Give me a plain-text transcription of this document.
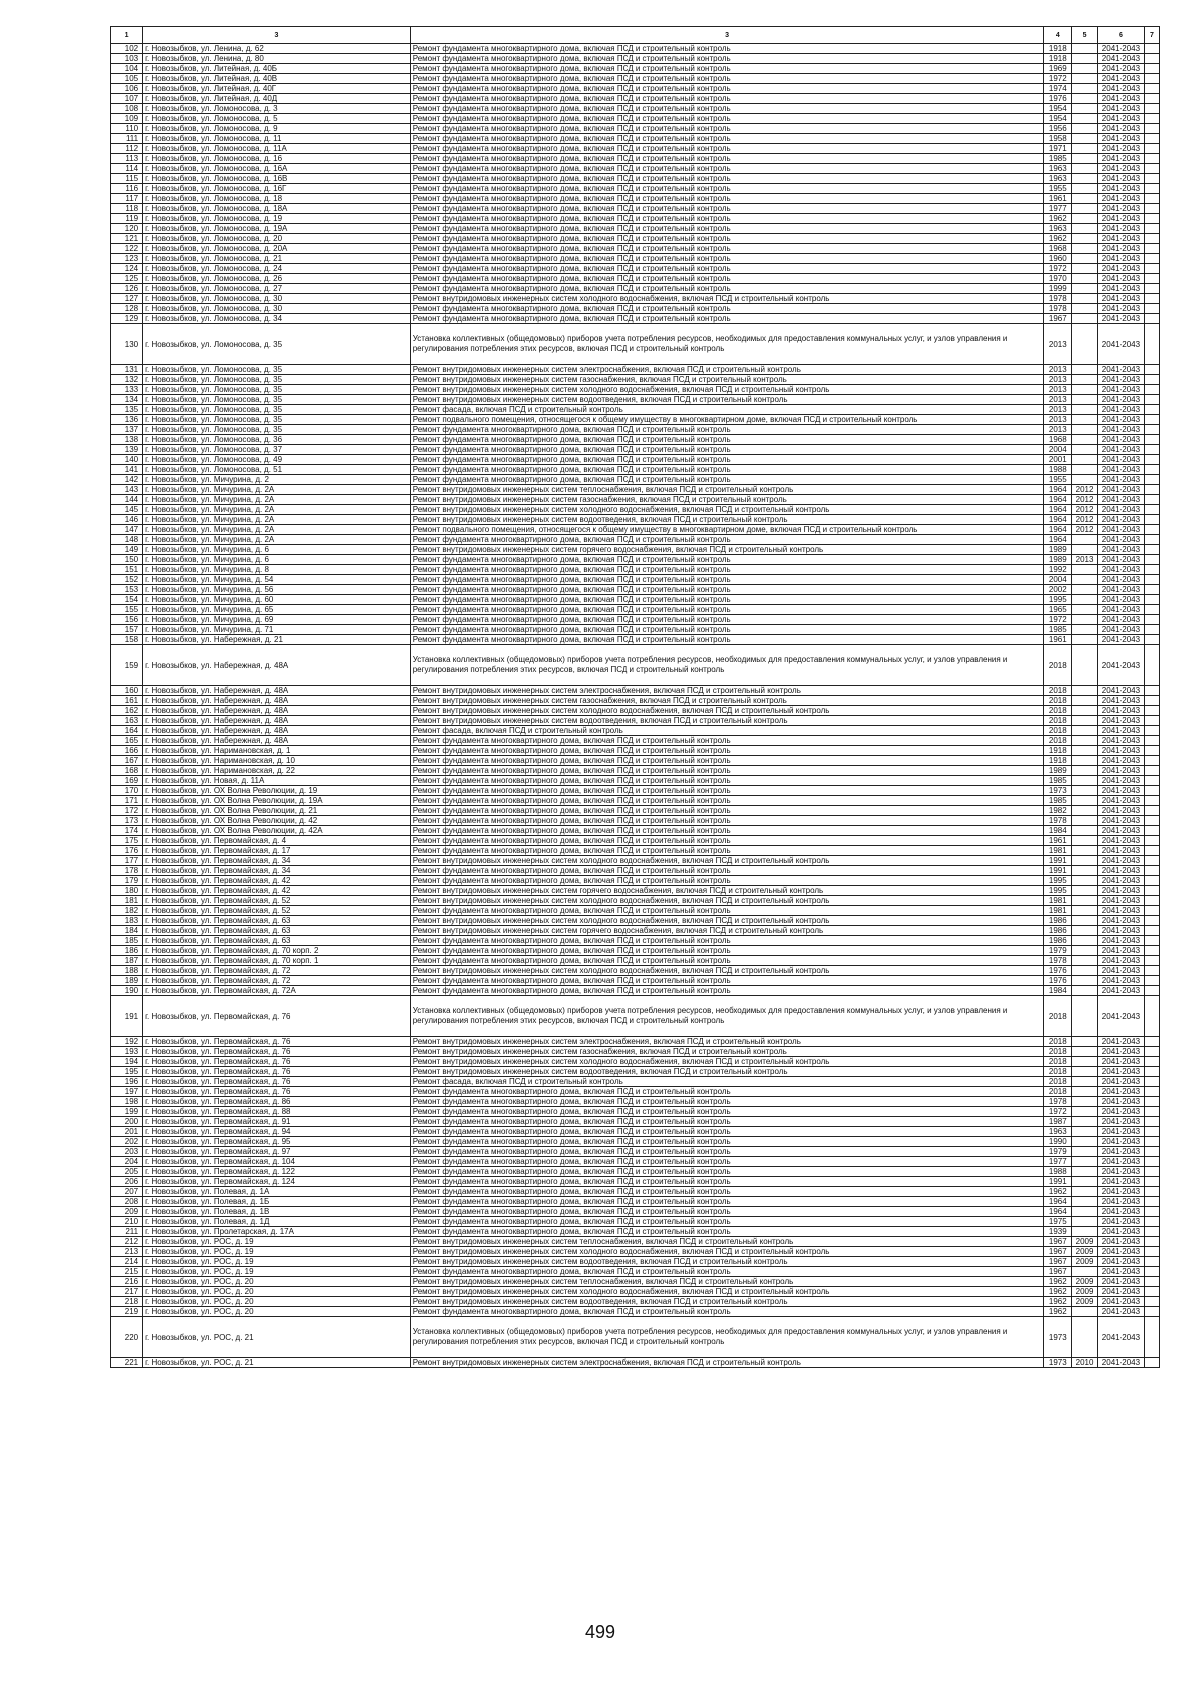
1	3	3	4	5	6	7
102	г. Новозыбков, ул. Ленина, д. 62	Ремонт фундамента многоквартирного дома, включая ПСД и строительный контроль	1918		2041-2043	
103	г. Новозыбков, ул. Ленина, д. 80	Ремонт фундамента многоквартирного дома, включая ПСД и строительный контроль	1918		2041-2043	
104	г. Новозыбков, ул. Литейная, д. 40Б	Ремонт фундамента многоквартирного дома, включая ПСД и строительный контроль	1969		2041-2043	
105	г. Новозыбков, ул. Литейная, д. 40В	Ремонт фундамента многоквартирного дома, включая ПСД и строительный контроль	1972		2041-2043	
106	г. Новозыбков, ул. Литейная, д. 40Г	Ремонт фундамента многоквартирного дома, включая ПСД и строительный контроль	1974		2041-2043	
107	г. Новозыбков, ул. Литейная, д. 40Д	Ремонт фундамента многоквартирного дома, включая ПСД и строительный контроль	1976		2041-2043	
108	г. Новозыбков, ул. Ломоносова, д. 3	Ремонт фундамента многоквартирного дома, включая ПСД и строительный контроль	1954		2041-2043	
109	г. Новозыбков, ул. Ломоносова, д. 5	Ремонт фундамента многоквартирного дома, включая ПСД и строительный контроль	1954		2041-2043	
110	г. Новозыбков, ул. Ломоносова, д. 9	Ремонт фундамента многоквартирного дома, включая ПСД и строительный контроль	1956		2041-2043	
111	г. Новозыбков, ул. Ломоносова, д. 11	Ремонт фундамента многоквартирного дома, включая ПСД и строительный контроль	1958		2041-2043	
112	г. Новозыбков, ул. Ломоносова, д. 11А	Ремонт фундамента многоквартирного дома, включая ПСД и строительный контроль	1971		2041-2043	
113	г. Новозыбков, ул. Ломоносова, д. 16	Ремонт фундамента многоквартирного дома, включая ПСД и строительный контроль	1985		2041-2043	
114	г. Новозыбков, ул. Ломоносова, д. 16А	Ремонт фундамента многоквартирного дома, включая ПСД и строительный контроль	1963		2041-2043	
115	г. Новозыбков, ул. Ломоносова, д. 16В	Ремонт фундамента многоквартирного дома, включая ПСД и строительный контроль	1963		2041-2043	
116	г. Новозыбков, ул. Ломоносова, д. 16Г	Ремонт фундамента многоквартирного дома, включая ПСД и строительный контроль	1955		2041-2043	
117	г. Новозыбков, ул. Ломоносова, д. 18	Ремонт фундамента многоквартирного дома, включая ПСД и строительный контроль	1961		2041-2043	
118	г. Новозыбков, ул. Ломоносова, д. 18А	Ремонт фундамента многоквартирного дома, включая ПСД и строительный контроль	1977		2041-2043	
119	г. Новозыбков, ул. Ломоносова, д. 19	Ремонт фундамента многоквартирного дома, включая ПСД и строительный контроль	1962		2041-2043	
120	г. Новозыбков, ул. Ломоносова, д. 19А	Ремонт фундамента многоквартирного дома, включая ПСД и строительный контроль	1963		2041-2043	
121	г. Новозыбков, ул. Ломоносова, д. 20	Ремонт фундамента многоквартирного дома, включая ПСД и строительный контроль	1962		2041-2043	
122	г. Новозыбков, ул. Ломоносова, д. 20А	Ремонт фундамента многоквартирного дома, включая ПСД и строительный контроль	1968		2041-2043	
123	г. Новозыбков, ул. Ломоносова, д. 21	Ремонт фундамента многоквартирного дома, включая ПСД и строительный контроль	1960		2041-2043	
124	г. Новозыбков, ул. Ломоносова, д. 24	Ремонт фундамента многоквартирного дома, включая ПСД и строительный контроль	1972		2041-2043	
125	г. Новозыбков, ул. Ломоносова, д. 26	Ремонт фундамента многоквартирного дома, включая ПСД и строительный контроль	1970		2041-2043	
126	г. Новозыбков, ул. Ломоносова, д. 27	Ремонт фундамента многоквартирного дома, включая ПСД и строительный контроль	1999		2041-2043	
127	г. Новозыбков, ул. Ломоносова, д. 30	Ремонт внутридомовых инженерных систем холодного водоснабжения, включая ПСД и строительный контроль	1978		2041-2043	
128	г. Новозыбков, ул. Ломоносова, д. 30	Ремонт фундамента многоквартирного дома, включая ПСД и строительный контроль	1978		2041-2043	
129	г. Новозыбков, ул. Ломоносова, д. 34	Ремонт фундамента многоквартирного дома, включая ПСД и строительный контроль	1967		2041-2043	
130	г. Новозыбков, ул. Ломоносова, д. 35	Установка коллективных (общедомовых) приборов учета потребления ресурсов, необходимых для предоставления коммунальных услуг, и узлов управления и регулирования потребления этих ресурсов, включая ПСД и строительный контроль	2013		2041-2043	
131	г. Новозыбков, ул. Ломоносова, д. 35	Ремонт внутридомовых инженерных систем электроснабжения, включая ПСД и строительный контроль	2013		2041-2043	
132	г. Новозыбков, ул. Ломоносова, д. 35	Ремонт внутридомовых инженерных систем газоснабжения, включая ПСД и строительный контроль	2013		2041-2043	
133	г. Новозыбков, ул. Ломоносова, д. 35	Ремонт внутридомовых инженерных систем холодного водоснабжения, включая ПСД и строительный контроль	2013		2041-2043	
134	г. Новозыбков, ул. Ломоносова, д. 35	Ремонт внутридомовых инженерных систем водоотведения, включая ПСД и строительный контроль	2013		2041-2043	
135	г. Новозыбков, ул. Ломоносова, д. 35	Ремонт фасада, включая ПСД и строительный контроль	2013		2041-2043	
136	г. Новозыбков, ул. Ломоносова, д. 35	Ремонт подвального помещения, относящегося к общему имуществу в многоквартирном доме, включая ПСД и строительный контроль	2013		2041-2043	
137	г. Новозыбков, ул. Ломоносова, д. 35	Ремонт фундамента многоквартирного дома, включая ПСД и строительный контроль	2013		2041-2043	
138	г. Новозыбков, ул. Ломоносова, д. 36	Ремонт фундамента многоквартирного дома, включая ПСД и строительный контроль	1968		2041-2043	
139	г. Новозыбков, ул. Ломоносова, д. 37	Ремонт фундамента многоквартирного дома, включая ПСД и строительный контроль	2004		2041-2043	
140	г. Новозыбков, ул. Ломоносова, д. 49	Ремонт фундамента многоквартирного дома, включая ПСД и строительный контроль	2001		2041-2043	
141	г. Новозыбков, ул. Ломоносова, д. 51	Ремонт фундамента многоквартирного дома, включая ПСД и строительный контроль	1988		2041-2043	
142	г. Новозыбков, ул. Мичурина, д. 2	Ремонт фундамента многоквартирного дома, включая ПСД и строительный контроль	1955		2041-2043	
143	г. Новозыбков, ул. Мичурина, д. 2А	Ремонт внутридомовых инженерных систем теплоснабжения, включая ПСД и строительный контроль	1964	2012	2041-2043	
144	г. Новозыбков, ул. Мичурина, д. 2А	Ремонт внутридомовых инженерных систем газоснабжения, включая ПСД и строительный контроль	1964	2012	2041-2043	
145	г. Новозыбков, ул. Мичурина, д. 2А	Ремонт внутридомовых инженерных систем холодного водоснабжения, включая ПСД и строительный контроль	1964	2012	2041-2043	
146	г. Новозыбков, ул. Мичурина, д. 2А	Ремонт внутридомовых инженерных систем водоотведения, включая ПСД и строительный контроль	1964	2012	2041-2043	
147	г. Новозыбков, ул. Мичурина, д. 2А	Ремонт подвального помещения, относящегося к общему имуществу в многоквартирном доме, включая ПСД и строительный контроль	1964	2012	2041-2043	
148	г. Новозыбков, ул. Мичурина, д. 2А	Ремонт фундамента многоквартирного дома, включая ПСД и строительный контроль	1964		2041-2043	
149	г. Новозыбков, ул. Мичурина, д. 6	Ремонт внутридомовых инженерных систем горячего водоснабжения, включая ПСД и строительный контроль	1989		2041-2043	
150	г. Новозыбков, ул. Мичурина, д. 6	Ремонт фундамента многоквартирного дома, включая ПСД и строительный контроль	1989	2013	2041-2043	
151	г. Новозыбков, ул. Мичурина, д. 8	Ремонт фундамента многоквартирного дома, включая ПСД и строительный контроль	1992		2041-2043	
152	г. Новозыбков, ул. Мичурина, д. 54	Ремонт фундамента многоквартирного дома, включая ПСД и строительный контроль	2004		2041-2043	
153	г. Новозыбков, ул. Мичурина, д. 56	Ремонт фундамента многоквартирного дома, включая ПСД и строительный контроль	2002		2041-2043	
154	г. Новозыбков, ул. Мичурина, д. 60	Ремонт фундамента многоквартирного дома, включая ПСД и строительный контроль	1995		2041-2043	
155	г. Новозыбков, ул. Мичурина, д. 65	Ремонт фундамента многоквартирного дома, включая ПСД и строительный контроль	1965		2041-2043	
156	г. Новозыбков, ул. Мичурина, д. 69	Ремонт фундамента многоквартирного дома, включая ПСД и строительный контроль	1972		2041-2043	
157	г. Новозыбков, ул. Мичурина, д. 71	Ремонт фундамента многоквартирного дома, включая ПСД и строительный контроль	1985		2041-2043	
158	г. Новозыбков, ул. Набережная, д. 21	Ремонт фундамента многоквартирного дома, включая ПСД и строительный контроль	1961		2041-2043	
159	г. Новозыбков, ул. Набережная, д. 48А	Установка коллективных (общедомовых) приборов учета потребления ресурсов, необходимых для предоставления коммунальных услуг, и узлов управления и регулирования потребления этих ресурсов, включая ПСД и строительный контроль	2018		2041-2043	
160	г. Новозыбков, ул. Набережная, д. 48А	Ремонт внутридомовых инженерных систем электроснабжения, включая ПСД и строительный контроль	2018		2041-2043	
161	г. Новозыбков, ул. Набережная, д. 48А	Ремонт внутридомовых инженерных систем газоснабжения, включая ПСД и строительный контроль	2018		2041-2043	
162	г. Новозыбков, ул. Набережная, д. 48А	Ремонт внутридомовых инженерных систем холодного водоснабжения, включая ПСД и строительный контроль	2018		2041-2043	
163	г. Новозыбков, ул. Набережная, д. 48А	Ремонт внутридомовых инженерных систем водоотведения, включая ПСД и строительный контроль	2018		2041-2043	
164	г. Новозыбков, ул. Набережная, д. 48А	Ремонт фасада, включая ПСД и строительный контроль	2018		2041-2043	
165	г. Новозыбков, ул. Набережная, д. 48А	Ремонт фундамента многоквартирного дома, включая ПСД и строительный контроль	2018		2041-2043	
166	г. Новозыбков, ул. Наримановская, д. 1	Ремонт фундамента многоквартирного дома, включая ПСД и строительный контроль	1918		2041-2043	
167	г. Новозыбков, ул. Наримановская, д. 10	Ремонт фундамента многоквартирного дома, включая ПСД и строительный контроль	1918		2041-2043	
168	г. Новозыбков, ул. Наримановская, д. 22	Ремонт фундамента многоквартирного дома, включая ПСД и строительный контроль	1989		2041-2043	
169	г. Новозыбков, ул. Новая, д. 11А	Ремонт фундамента многоквартирного дома, включая ПСД и строительный контроль	1985		2041-2043	
170	г. Новозыбков, ул. ОХ Волна Революции, д. 19	Ремонт фундамента многоквартирного дома, включая ПСД и строительный контроль	1973		2041-2043	
171	г. Новозыбков, ул. ОХ Волна Революции, д. 19А	Ремонт фундамента многоквартирного дома, включая ПСД и строительный контроль	1985		2041-2043	
172	г. Новозыбков, ул. ОХ Волна Революции, д. 21	Ремонт фундамента многоквартирного дома, включая ПСД и строительный контроль	1982		2041-2043	
173	г. Новозыбков, ул. ОХ Волна Революции, д. 42	Ремонт фундамента многоквартирного дома, включая ПСД и строительный контроль	1978		2041-2043	
174	г. Новозыбков, ул. ОХ Волна Революции, д. 42А	Ремонт фундамента многоквартирного дома, включая ПСД и строительный контроль	1984		2041-2043	
175	г. Новозыбков, ул. Первомайская, д. 4	Ремонт фундамента многоквартирного дома, включая ПСД и строительный контроль	1961		2041-2043	
176	г. Новозыбков, ул. Первомайская, д. 17	Ремонт фундамента многоквартирного дома, включая ПСД и строительный контроль	1981		2041-2043	
177	г. Новозыбков, ул. Первомайская, д. 34	Ремонт внутридомовых инженерных систем холодного водоснабжения, включая ПСД и строительный контроль	1991		2041-2043	
178	г. Новозыбков, ул. Первомайская, д. 34	Ремонт фундамента многоквартирного дома, включая ПСД и строительный контроль	1991		2041-2043	
179	г. Новозыбков, ул. Первомайская, д. 42	Ремонт фундамента многоквартирного дома, включая ПСД и строительный контроль	1995		2041-2043	
180	г. Новозыбков, ул. Первомайская, д. 42	Ремонт внутридомовых инженерных систем горячего водоснабжения, включая ПСД и строительный контроль	1995		2041-2043	
181	г. Новозыбков, ул. Первомайская, д. 52	Ремонт внутридомовых инженерных систем холодного водоснабжения, включая ПСД и строительный контроль	1981		2041-2043	
182	г. Новозыбков, ул. Первомайская, д. 52	Ремонт фундамента многоквартирного дома, включая ПСД и строительный контроль	1981		2041-2043	
183	г. Новозыбков, ул. Первомайская, д. 63	Ремонт внутридомовых инженерных систем холодного водоснабжения, включая ПСД и строительный контроль	1986		2041-2043	
184	г. Новозыбков, ул. Первомайская, д. 63	Ремонт внутридомовых инженерных систем горячего водоснабжения, включая ПСД и строительный контроль	1986		2041-2043	
185	г. Новозыбков, ул. Первомайская, д. 63	Ремонт фундамента многоквартирного дома, включая ПСД и строительный контроль	1986		2041-2043	
186	г. Новозыбков, ул. Первомайская, д. 70 корп. 2	Ремонт фундамента многоквартирного дома, включая ПСД и строительный контроль	1979		2041-2043	
187	г. Новозыбков, ул. Первомайская, д. 70 корп. 1	Ремонт фундамента многоквартирного дома, включая ПСД и строительный контроль	1978		2041-2043	
188	г. Новозыбков, ул. Первомайская, д. 72	Ремонт внутридомовых инженерных систем холодного водоснабжения, включая ПСД и строительный контроль	1976		2041-2043	
189	г. Новозыбков, ул. Первомайская, д. 72	Ремонт фундамента многоквартирного дома, включая ПСД и строительный контроль	1976		2041-2043	
190	г. Новозыбков, ул. Первомайская, д. 72А	Ремонт фундамента многоквартирного дома, включая ПСД и строительный контроль	1984		2041-2043	
191	г. Новозыбков, ул. Первомайская, д. 76	Установка коллективных (общедомовых) приборов учета потребления ресурсов, необходимых для предоставления коммунальных услуг, и узлов управления и регулирования потребления этих ресурсов, включая ПСД и строительный контроль	2018		2041-2043	
192	г. Новозыбков, ул. Первомайская, д. 76	Ремонт внутридомовых инженерных систем электроснабжения, включая ПСД и строительный контроль	2018		2041-2043	
193	г. Новозыбков, ул. Первомайская, д. 76	Ремонт внутридомовых инженерных систем газоснабжения, включая ПСД и строительный контроль	2018		2041-2043	
194	г. Новозыбков, ул. Первомайская, д. 76	Ремонт внутридомовых инженерных систем холодного водоснабжения, включая ПСД и строительный контроль	2018		2041-2043	
195	г. Новозыбков, ул. Первомайская, д. 76	Ремонт внутридомовых инженерных систем водоотведения, включая ПСД и строительный контроль	2018		2041-2043	
196	г. Новозыбков, ул. Первомайская, д. 76	Ремонт фасада, включая ПСД и строительный контроль	2018		2041-2043	
197	г. Новозыбков, ул. Первомайская, д. 76	Ремонт фундамента многоквартирного дома, включая ПСД и строительный контроль	2018		2041-2043	
198	г. Новозыбков, ул. Первомайская, д. 86	Ремонт фундамента многоквартирного дома, включая ПСД и строительный контроль	1978		2041-2043	
199	г. Новозыбков, ул. Первомайская, д. 88	Ремонт фундамента многоквартирного дома, включая ПСД и строительный контроль	1972		2041-2043	
200	г. Новозыбков, ул. Первомайская, д. 91	Ремонт фундамента многоквартирного дома, включая ПСД и строительный контроль	1987		2041-2043	
201	г. Новозыбков, ул. Первомайская, д. 94	Ремонт фундамента многоквартирного дома, включая ПСД и строительный контроль	1963		2041-2043	
202	г. Новозыбков, ул. Первомайская, д. 95	Ремонт фундамента многоквартирного дома, включая ПСД и строительный контроль	1990		2041-2043	
203	г. Новозыбков, ул. Первомайская, д. 97	Ремонт фундамента многоквартирного дома, включая ПСД и строительный контроль	1979		2041-2043	
204	г. Новозыбков, ул. Первомайская, д. 104	Ремонт фундамента многоквартирного дома, включая ПСД и строительный контроль	1977		2041-2043	
205	г. Новозыбков, ул. Первомайская, д. 122	Ремонт фундамента многоквартирного дома, включая ПСД и строительный контроль	1988		2041-2043	
206	г. Новозыбков, ул. Первомайская, д. 124	Ремонт фундамента многоквартирного дома, включая ПСД и строительный контроль	1991		2041-2043	
207	г. Новозыбков, ул. Полевая, д. 1А	Ремонт фундамента многоквартирного дома, включая ПСД и строительный контроль	1962		2041-2043	
208	г. Новозыбков, ул. Полевая, д. 1Б	Ремонт фундамента многоквартирного дома, включая ПСД и строительный контроль	1964		2041-2043	
209	г. Новозыбков, ул. Полевая, д. 1В	Ремонт фундамента многоквартирного дома, включая ПСД и строительный контроль	1964		2041-2043	
210	г. Новозыбков, ул. Полевая, д. 1Д	Ремонт фундамента многоквартирного дома, включая ПСД и строительный контроль	1975		2041-2043	
211	г. Новозыбков, ул. Пролетарская, д. 17А	Ремонт фундамента многоквартирного дома, включая ПСД и строительный контроль	1939		2041-2043	
212	г. Новозыбков, ул. РОС, д. 19	Ремонт внутридомовых инженерных систем теплоснабжения, включая ПСД и строительный контроль	1967	2009	2041-2043	
213	г. Новозыбков, ул. РОС, д. 19	Ремонт внутридомовых инженерных систем холодного водоснабжения, включая ПСД и строительный контроль	1967	2009	2041-2043	
214	г. Новозыбков, ул. РОС, д. 19	Ремонт внутридомовых инженерных систем водоотведения, включая ПСД и строительный контроль	1967	2009	2041-2043	
215	г. Новозыбков, ул. РОС, д. 19	Ремонт фундамента многоквартирного дома, включая ПСД и строительный контроль	1967		2041-2043	
216	г. Новозыбков, ул. РОС, д. 20	Ремонт внутридомовых инженерных систем теплоснабжения, включая ПСД и строительный контроль	1962	2009	2041-2043	
217	г. Новозыбков, ул. РОС, д. 20	Ремонт внутридомовых инженерных систем холодного водоснабжения, включая ПСД и строительный контроль	1962	2009	2041-2043	
218	г. Новозыбков, ул. РОС, д. 20	Ремонт внутридомовых инженерных систем водоотведения, включая ПСД и строительный контроль	1962	2009	2041-2043	
219	г. Новозыбков, ул. РОС, д. 20	Ремонт фундамента многоквартирного дома, включая ПСД и строительный контроль	1962		2041-2043	
220	г. Новозыбков, ул. РОС, д. 21	Установка коллективных (общедомовых) приборов учета потребления ресурсов, необходимых для предоставления коммунальных услуг, и узлов управления и регулирования потребления этих ресурсов, включая ПСД и строительный контроль	1973		2041-2043	
221	г. Новозыбков, ул. РОС, д. 21	Ремонт внутридомовых инженерных систем электроснабжения, включая ПСД и строительный контроль	1973	2010	2041-2043	
499
